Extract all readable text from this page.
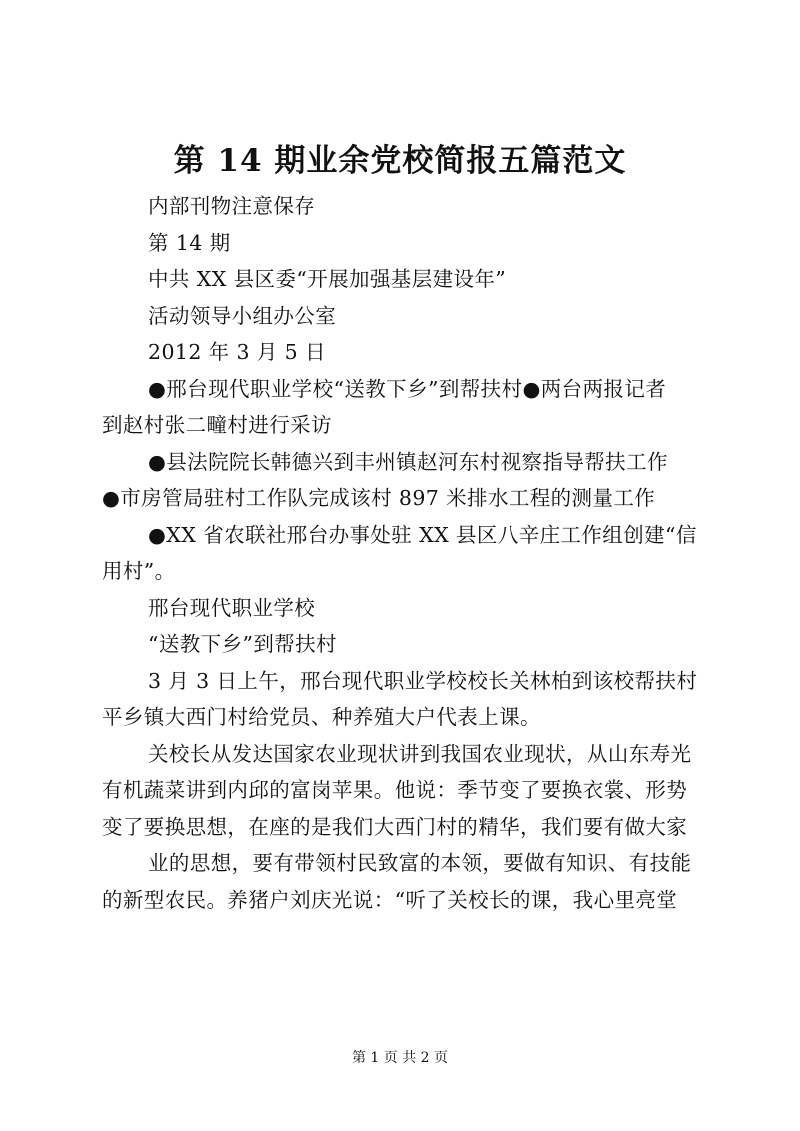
第 14 期业余党校简报五篇范文
内部刊物注意保存
第 14 期
中共 XX 县区委“开展加强基层建设年”
活动领导小组办公室
2012 年 3 月 5 日
●邢台现代职业学校“送教下乡”到帮扶村●两台两报记者
到赵村张二疃村进行采访
●县法院院长韩德兴到丰州镇赵河东村视察指导帮扶工作
●市房管局驻村工作队完成该村 897 米排水工程的测量工作
●XX 省农联社邢台办事处驻 XX 县区八辛庄工作组创建“信
用村”。
邢台现代职业学校
“送教下乡”到帮扶村
3 月 3 日上午，邢台现代职业学校校长关林柏到该校帮扶村
平乡镇大西门村给党员、种养殖大户代表上课。
关校长从发达国家农业现状讲到我国农业现状，从山东寿光
有机蔬菜讲到内邱的富岗苹果。他说：季节变了要换衣裳、形势
变了要换思想，在座的是我们大西门村的精华，我们要有做大家
业的思想，要有带领村民致富的本领，要做有知识、有技能
的新型农民。养猪户刘庆光说：“听了关校长的课，我心里亮堂
第 1 页 共 2 页
